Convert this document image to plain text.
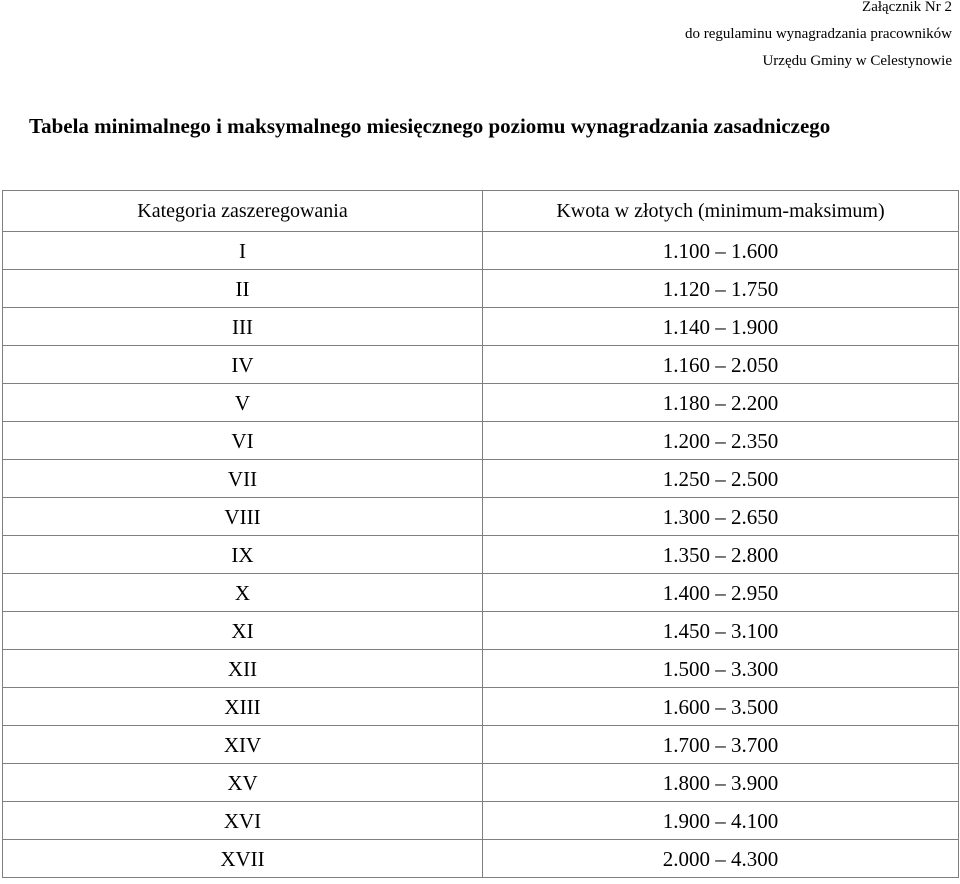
Załącznik Nr 2
do regulaminu wynagradzania pracowników
Urzędu Gminy w Celestynowie
Tabela minimalnego i maksymalnego miesięcznego poziomu wynagradzania zasadniczego
Kategoria zaszeregowania	Kwota w złotych (minimum-maksimum)
I	1.100 – 1.600
II	1.120 – 1.750
III	1.140 – 1.900
IV	1.160 – 2.050
V	1.180 – 2.200
VI	1.200 – 2.350
VII	1.250 – 2.500
VIII	1.300 – 2.650
IX	1.350 – 2.800
X	1.400 – 2.950
XI	1.450 – 3.100
XII	1.500 – 3.300
XIII	1.600 – 3.500
XIV	1.700 – 3.700
XV	1.800 – 3.900
XVI	1.900 – 4.100
XVII	2.000 – 4.300
